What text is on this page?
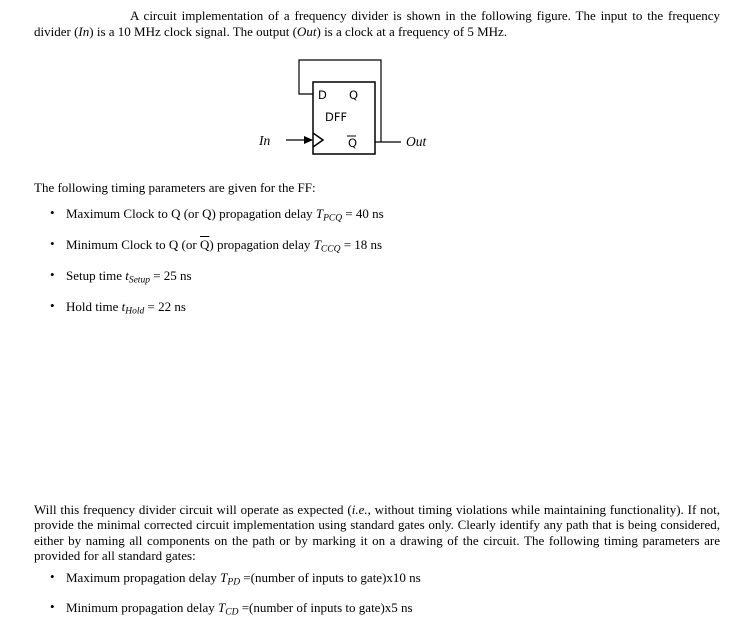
A circuit implementation of a frequency divider is shown in the following figure. The input to the frequency divider (In) is a 10 MHz clock signal. The output (Out) is a clock at a frequency of 5 MHz.

D Q
DFF
Q
In	Out

The following timing parameters are given for the FF:

• Maximum Clock to Q (or $\overline{Q}$) propagation delay TPCQ = 40 ns
• Minimum Clock to Q (or $\overline{Q}$) propagation delay TCCQ = 18 ns
• Setup time tSetup = 25 ns
• Hold time tHold = 22 ns

Will this frequency divider circuit will operate as expected (i.e., without timing violations while maintaining functionality). If not, provide the minimal corrected circuit implementation using standard gates only. Clearly identify any path that is being considered, either by naming all components on the path or by marking it on a drawing of the circuit. The following timing parameters are provided for all standard gates:

• Maximum propagation delay TPD =(number of inputs to gate)x10 ns
• Minimum propagation delay TCD =(number of inputs to gate)x5 ns
